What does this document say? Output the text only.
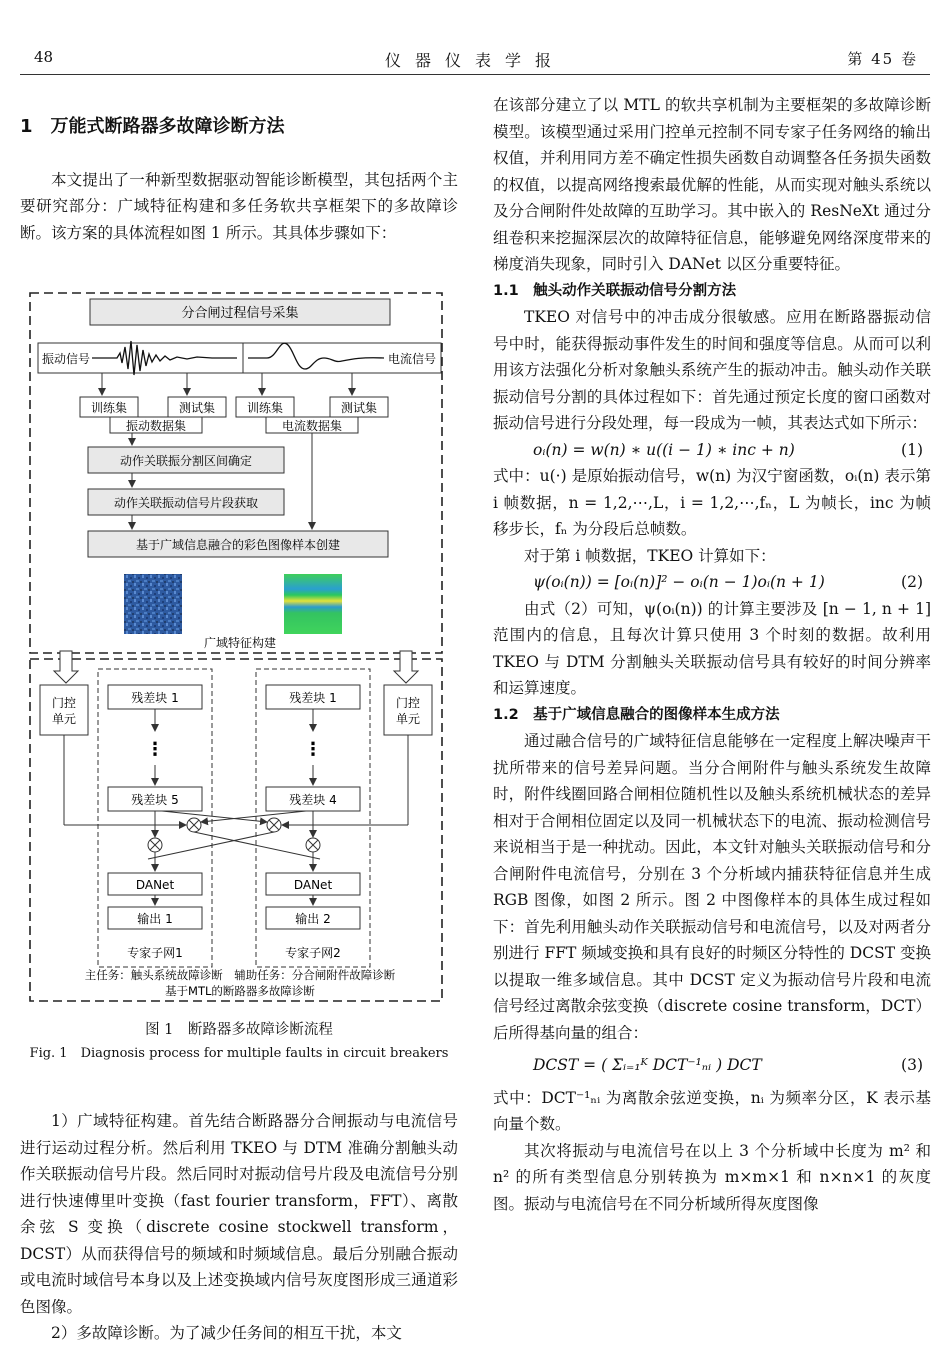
48	仪器仪表学报	第 45 卷

1　万能式断路器多故障诊断方法

本文提出了一种新型数据驱动智能诊断模型，其包括两个主要研究部分：广域特征构建和多任务软共享框架下的多故障诊断。该方案的具体流程如图 1 所示。其具体步骤如下：

分合闸过程信号采集
振动信号	电流信号
训练集	测试集	训练集	测试集
振动数据集	电流数据集
动作关联振分割区间确定
动作关联振动信号片段获取
基于广域信息融合的彩色图像样本创建
广域特征构建
门控单元
门控单元
残差块 1
⋮
残差块 5
残差块 1
⋮
残差块 4
DANet	DANet
输出 1	输出 2
专家子网1	专家子网2
主任务：触头系统故障诊断　辅助任务：分合闸附件故障诊断
基于MTL的断路器多故障诊断

图 1　断路器多故障诊断流程

Fig. 1　Diagnosis process for multiple faults in circuit breakers

1）广域特征构建。首先结合断路器分合闸振动与电流信号进行运动过程分析。然后利用 TKEO 与 DTM 准确分割触头动作关联振动信号片段。然后同时对振动信号片段及电流信号分别进行快速傅里叶变换（fast fourier transform，FFT）、离散余弦 S 变换（discrete cosine stockwell transform，DCST）从而获得信号的频域和时频域信息。最后分别融合振动或电流时域信号本身以及上述变换域内信号灰度图形成三通道彩色图像。

2）多故障诊断。为了减少任务间的相互干扰，本文

在该部分建立了以 MTL 的软共享机制为主要框架的多故障诊断模型。该模型通过采用门控单元控制不同专家子任务网络的输出权值，并利用同方差不确定性损失函数自动调整各任务损失函数的权值，以提高网络搜索最优解的性能，从而实现对触头系统以及分合闸附件处故障的互助学习。其中嵌入的 ResNeXt 通过分组卷积来挖掘深层次的故障特征信息，能够避免网络深度带来的梯度消失现象，同时引入 DANet 以区分重要特征。

1.1　触头动作关联振动信号分割方法

TKEO 对信号中的冲击成分很敏感。应用在断路器振动信号中时，能获得振动事件发生的时间和强度等信息。从而可以利用该方法强化分析对象触头系统产生的振动冲击。触头动作关联振动信号分割的具体过程如下：首先通过预定长度的窗口函数对振动信号进行分段处理，每一段成为一帧，其表达式如下所示：

oᵢ(n) = w(n) ∗ u((i − 1) ∗ inc + n)	(1)

式中：u(·) 是原始振动信号，w(n) 为汉宁窗函数，oᵢ(n) 表示第 i 帧数据，n = 1,2,⋯,L，i = 1,2,⋯,fₙ，L 为帧长，inc 为帧移步长，fₙ 为分段后总帧数。

对于第 i 帧数据，TKEO 计算如下：

ψ(oᵢ(n)) = [oᵢ(n)]² − oᵢ(n − 1)oᵢ(n + 1)	(2)

由式（2）可知，ψ(oᵢ(n)) 的计算主要涉及 [n − 1, n + 1] 范围内的信息，且每次计算只使用 3 个时刻的数据。故利用 TKEO 与 DTM 分割触头关联振动信号具有较好的时间分辨率和运算速度。

1.2　基于广域信息融合的图像样本生成方法

通过融合信号的广域特征信息能够在一定程度上解决噪声干扰所带来的信号差异问题。当分合闸附件与触头系统发生故障时，附件线圈回路合闸相位随机性以及触头系统机械状态的差异相对于合闸相位固定以及同一机械状态下的电流、振动检测信号来说相当于是一种扰动。因此，本文针对触头关联振动信号和分合闸附件电流信号，分别在 3 个分析域内捕获特征信息并生成 RGB 图像，如图 2 所示。图 2 中图像样本的具体生成过程如下：首先利用触头动作关联振动信号和电流信号，以及对两者分别进行 FFT 频域变换和具有良好的时频区分特性的 DCST 变换以提取一维多域信息。其中 DCST 定义为振动信号片段和电流信号经过离散余弦变换（discrete cosine transform，DCT）后所得基向量的组合：

DCST = ( Σᵢ₌₁ᴷ DCT⁻¹ₙᵢ ) DCT	(3)

式中：DCT⁻¹ₙᵢ 为离散余弦逆变换，nᵢ 为频率分区，K 表示基向量个数。

其次将振动与电流信号在以上 3 个分析域中长度为 m² 和 n² 的所有类型信息分别转换为 m×m×1 和 n×n×1 的灰度图。振动与电流信号在不同分析域所得灰度图像
